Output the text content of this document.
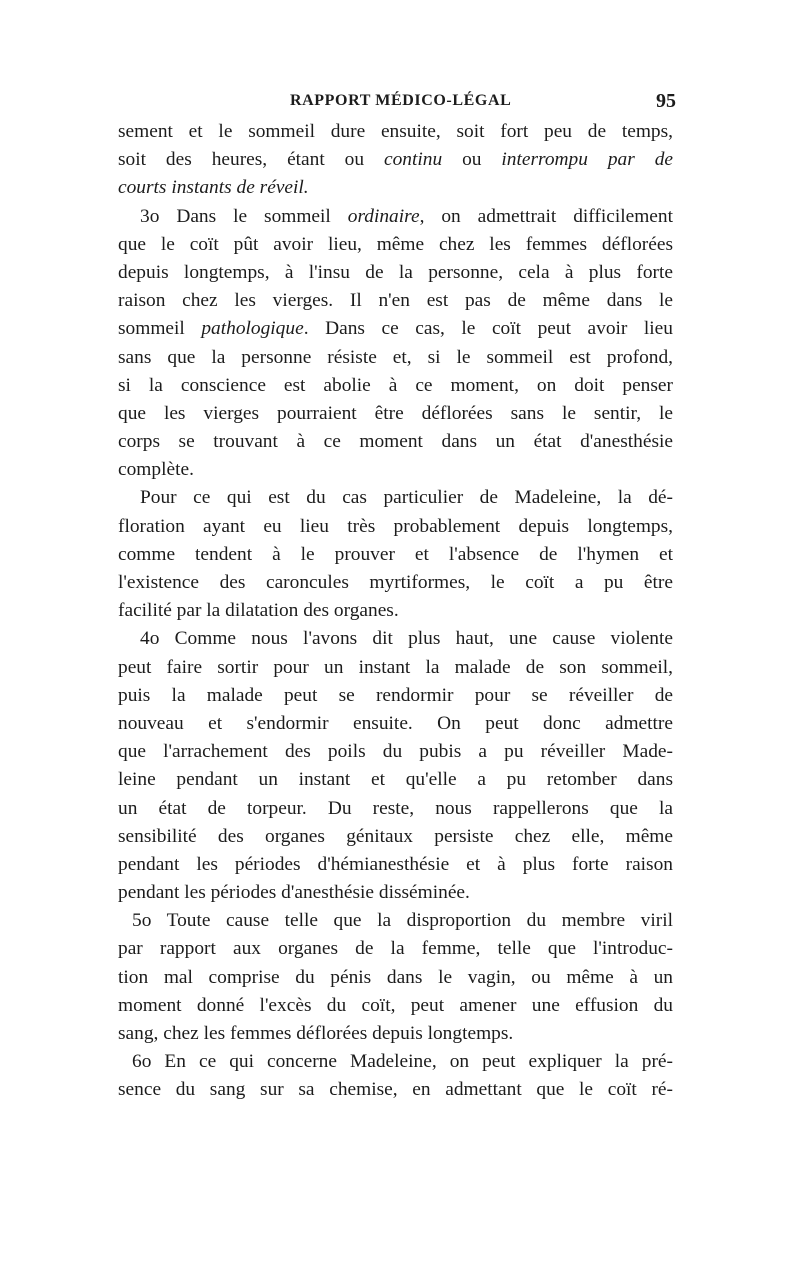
RAPPORT MÉDICO-LÉGAL	95
sement et le sommeil dure ensuite, soit fort peu de temps,
soit des heures, étant ou continu ou interrompu par de
courts instants de réveil.
3o Dans le sommeil ordinaire, on admettrait difficilement
que le coït pût avoir lieu, même chez les femmes déflorées
depuis longtemps, à l'insu de la personne, cela à plus forte
raison chez les vierges. Il n'en est pas de même dans le
sommeil pathologique. Dans ce cas, le coït peut avoir lieu
sans que la personne résiste et, si le sommeil est profond,
si la conscience est abolie à ce moment, on doit penser
que les vierges pourraient être déflorées sans le sentir, le
corps se trouvant à ce moment dans un état d'anesthésie
complète.
Pour ce qui est du cas particulier de Madeleine, la dé-
floration ayant eu lieu très probablement depuis longtemps,
comme tendent à le prouver et l'absence de l'hymen et
l'existence des caroncules myrtiformes, le coït a pu être
facilité par la dilatation des organes.
4o Comme nous l'avons dit plus haut, une cause violente
peut faire sortir pour un instant la malade de son sommeil,
puis la malade peut se rendormir pour se réveiller de
nouveau et s'endormir ensuite. On peut donc admettre
que l'arrachement des poils du pubis a pu réveiller Made-
leine pendant un instant et qu'elle a pu retomber dans
un état de torpeur. Du reste, nous rappellerons que la
sensibilité des organes génitaux persiste chez elle, même
pendant les périodes d'hémianesthésie et à plus forte raison
pendant les périodes d'anesthésie disséminée.
5o Toute cause telle que la disproportion du membre viril
par rapport aux organes de la femme, telle que l'introduc-
tion mal comprise du pénis dans le vagin, ou même à un
moment donné l'excès du coït, peut amener une effusion du
sang, chez les femmes déflorées depuis longtemps.
6o En ce qui concerne Madeleine, on peut expliquer la pré-
sence du sang sur sa chemise, en admettant que le coït ré-
